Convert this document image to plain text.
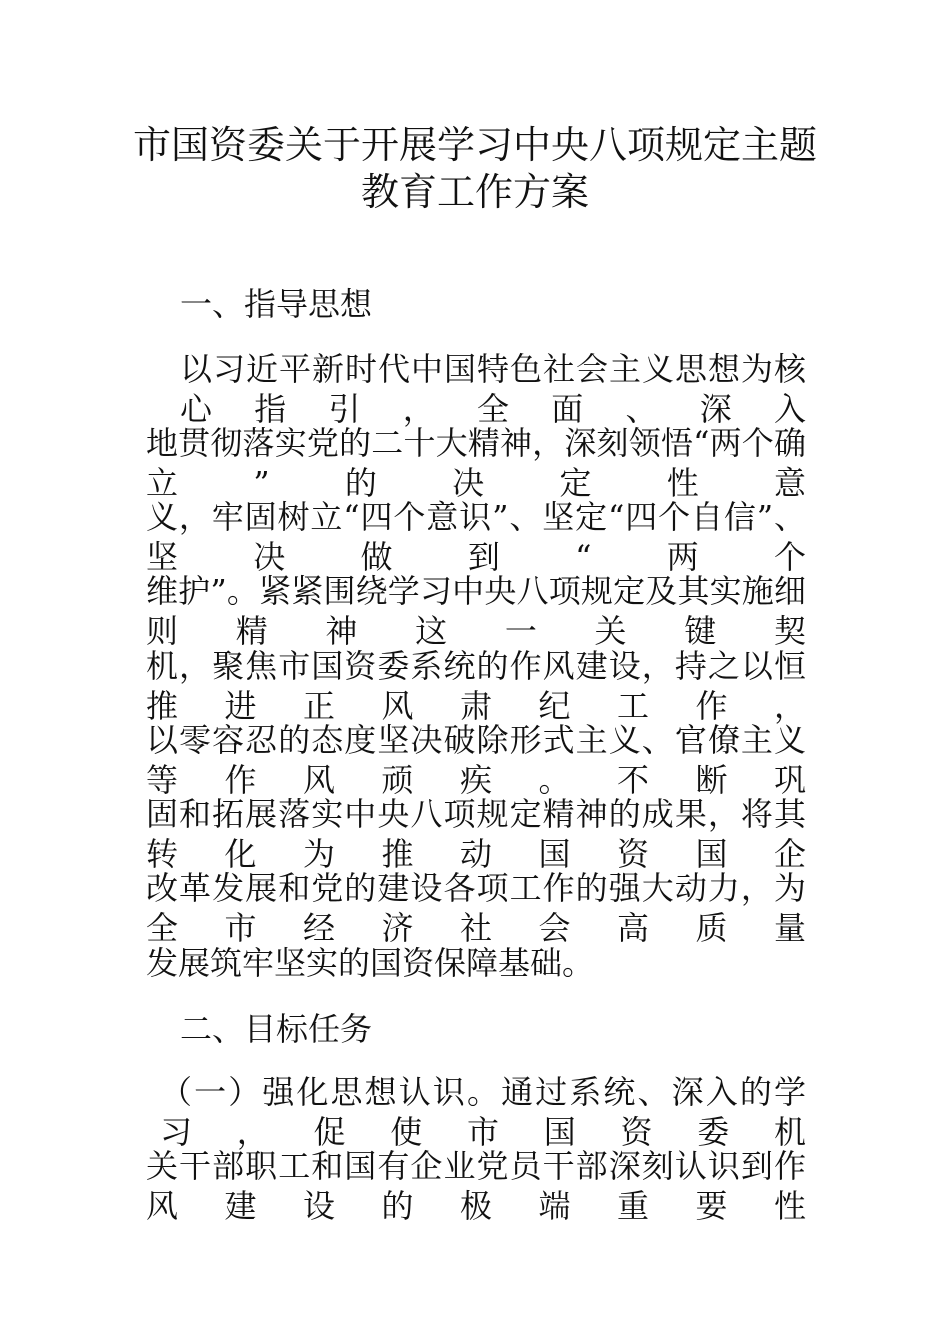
市国资委关于开展学习中央八项规定主题
教育工作方案
一、指导思想
以习近平新时代中国特色社会主义思想为核心指引，全面、深入
地贯彻落实党的二十大精神，深刻领悟“两个确立”的决定性意
义，牢固树立“四个意识”、坚定“四个自信”、坚决做到“两个
维护”。紧紧围绕学习中央八项规定及其实施细则精神这一关键契
机，聚焦市国资委系统的作风建设，持之以恒推进正风肃纪工作，
以零容忍的态度坚决破除形式主义、官僚主义等作风顽疾。不断巩
固和拓展落实中央八项规定精神的成果，将其转化为推动国资国企
改革发展和党的建设各项工作的强大动力，为全市经济社会高质量
发展筑牢坚实的国资保障基础。
二、目标任务
（一）强化思想认识。通过系统、深入的学习，促使市国资委机
关干部职工和国有企业党员干部深刻认识到作风建设的极端重要性
